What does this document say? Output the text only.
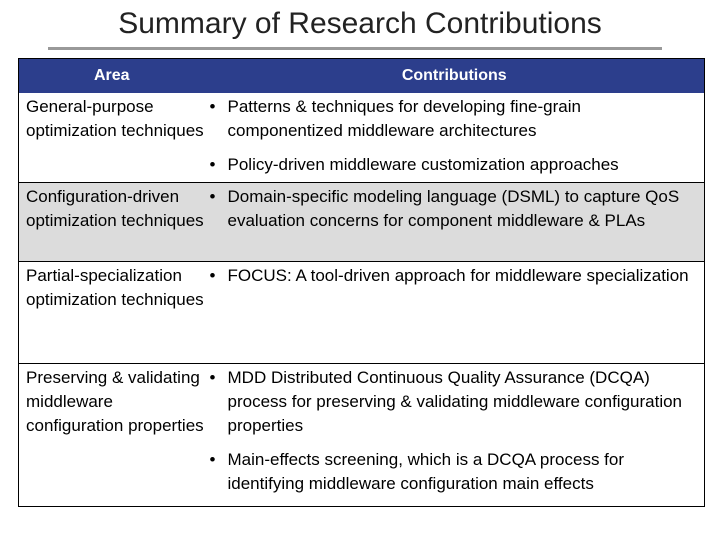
Summary of Research Contributions
Area	Contributions
General-purpose optimization techniques	• Patterns & techniques for developing fine-grain componentized middleware architectures
• Policy-driven middleware customization approaches

Configuration-driven optimization techniques	• Domain-specific modeling language (DSML) to capture QoS evaluation concerns for component middleware & PLAs

Partial-specialization optimization techniques	• FOCUS: A tool-driven approach for middleware specialization

Preserving & validating middleware configuration properties	• MDD Distributed Continuous Quality Assurance (DCQA) process for preserving & validating middleware configuration properties
• Main-effects screening, which is a DCQA process for identifying middleware configuration main effects
